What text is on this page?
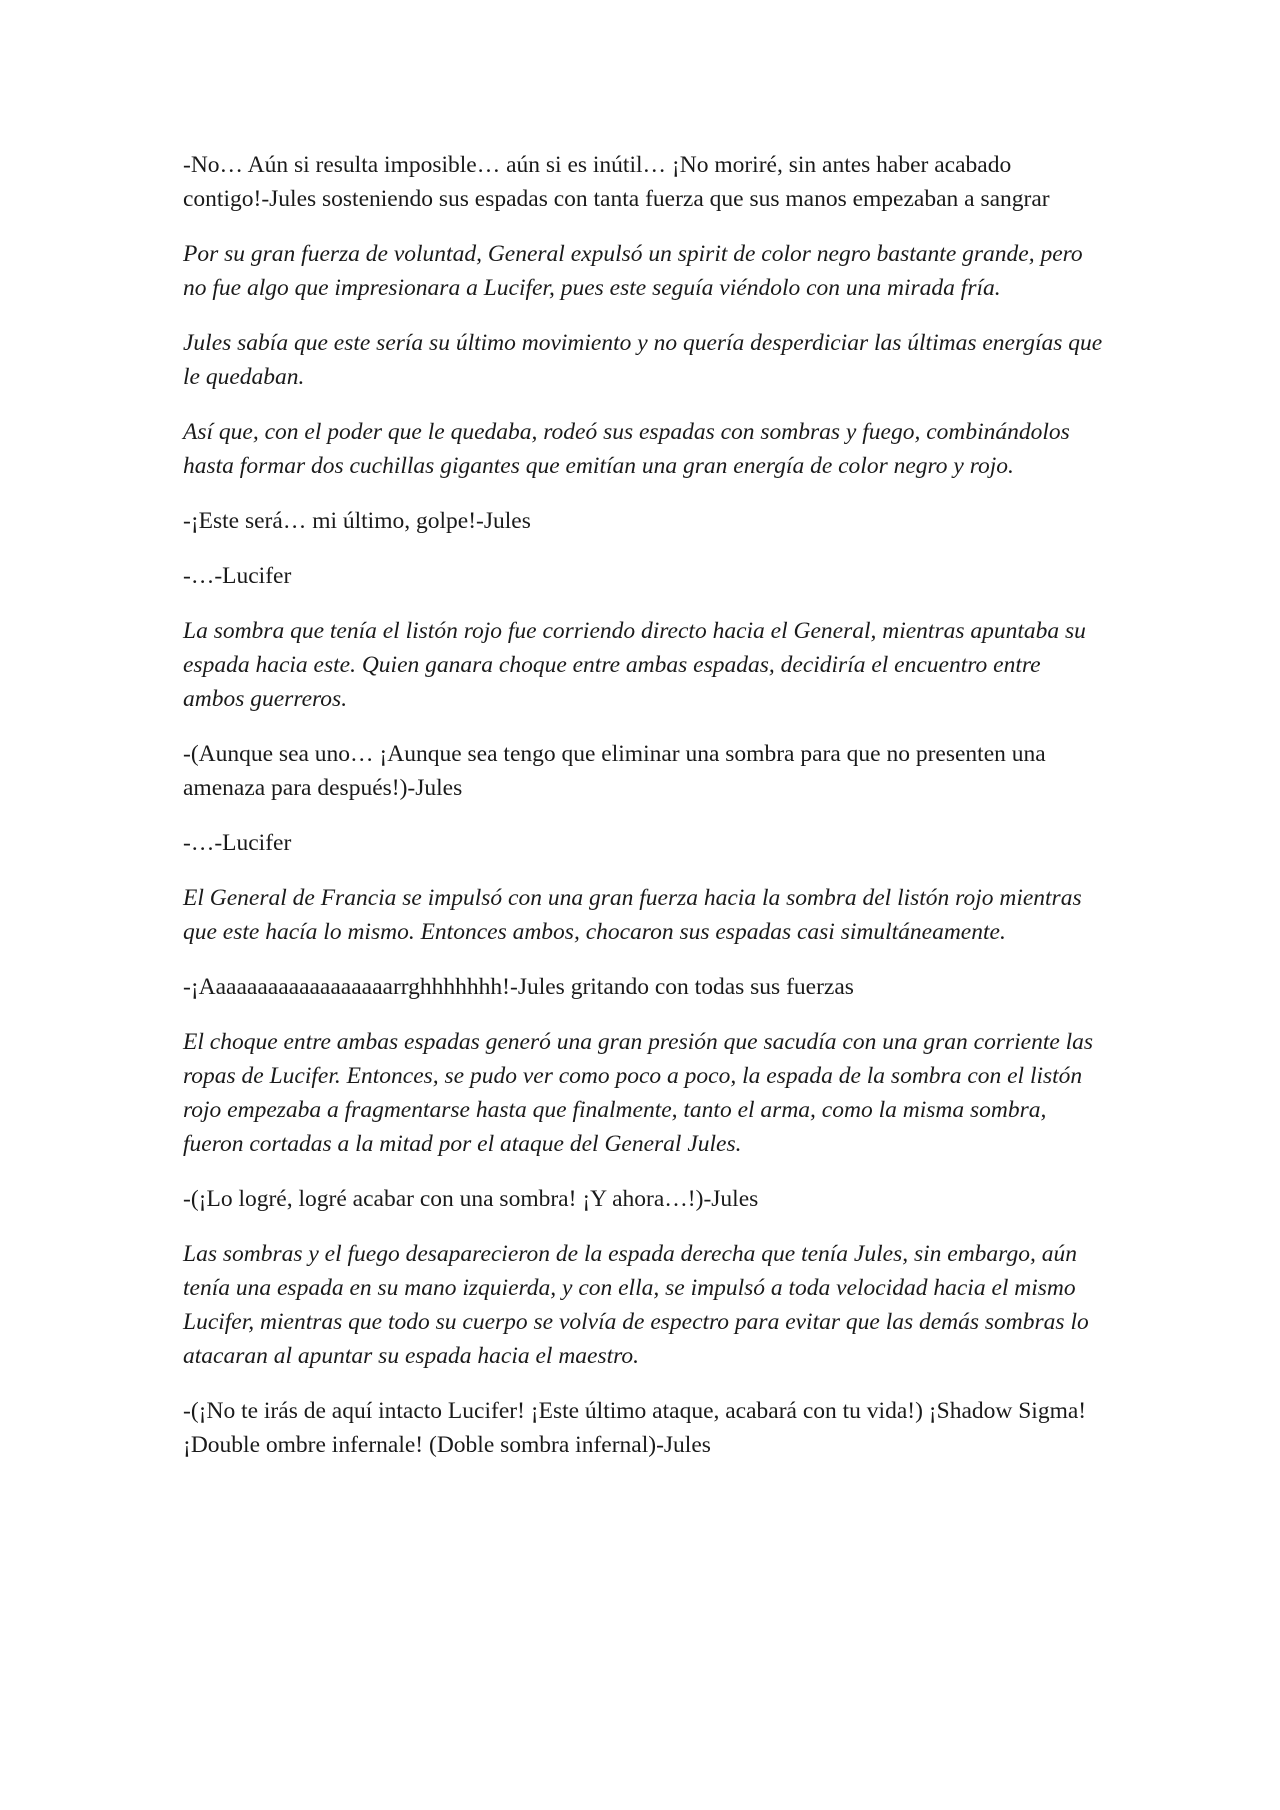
-No… Aún si resulta imposible… aún si es inútil… ¡No moriré, sin antes haber acabado contigo!-Jules sosteniendo sus espadas con tanta fuerza que sus manos empezaban a sangrar

Por su gran fuerza de voluntad, General expulsó un spirit de color negro bastante grande, pero no fue algo que impresionara a Lucifer, pues este seguía viéndolo con una mirada fría.

Jules sabía que este sería su último movimiento y no quería desperdiciar las últimas energías que le quedaban.

Así que, con el poder que le quedaba, rodeó sus espadas con sombras y fuego, combinándolos hasta formar dos cuchillas gigantes que emitían una gran energía de color negro y rojo.

-¡Este será… mi último, golpe!-Jules

-…-Lucifer

La sombra que tenía el listón rojo fue corriendo directo hacia el General, mientras apuntaba su espada hacia este. Quien ganara choque entre ambas espadas, decidiría el encuentro entre ambos guerreros.

-(Aunque sea uno… ¡Aunque sea tengo que eliminar una sombra para que no presenten una amenaza para después!)-Jules

-…-Lucifer

El General de Francia se impulsó con una gran fuerza hacia la sombra del listón rojo mientras que este hacía lo mismo. Entonces ambos, chocaron sus espadas casi simultáneamente.

-¡Aaaaaaaaaaaaaaaaaarrghhhhhhh!-Jules gritando con todas sus fuerzas

El choque entre ambas espadas generó una gran presión que sacudía con una gran corriente las ropas de Lucifer. Entonces, se pudo ver como poco a poco, la espada de la sombra con el listón rojo empezaba a fragmentarse hasta que finalmente, tanto el arma, como la misma sombra, fueron cortadas a la mitad por el ataque del General Jules.

-(¡Lo logré, logré acabar con una sombra! ¡Y ahora…!)-Jules

Las sombras y el fuego desaparecieron de la espada derecha que tenía Jules, sin embargo, aún tenía una espada en su mano izquierda, y con ella, se impulsó a toda velocidad hacia el mismo Lucifer, mientras que todo su cuerpo se volvía de espectro para evitar que las demás sombras lo atacaran al apuntar su espada hacia el maestro.

-(¡No te irás de aquí intacto Lucifer! ¡Este último ataque, acabará con tu vida!) ¡Shadow Sigma! ¡Double ombre infernale! (Doble sombra infernal)-Jules
